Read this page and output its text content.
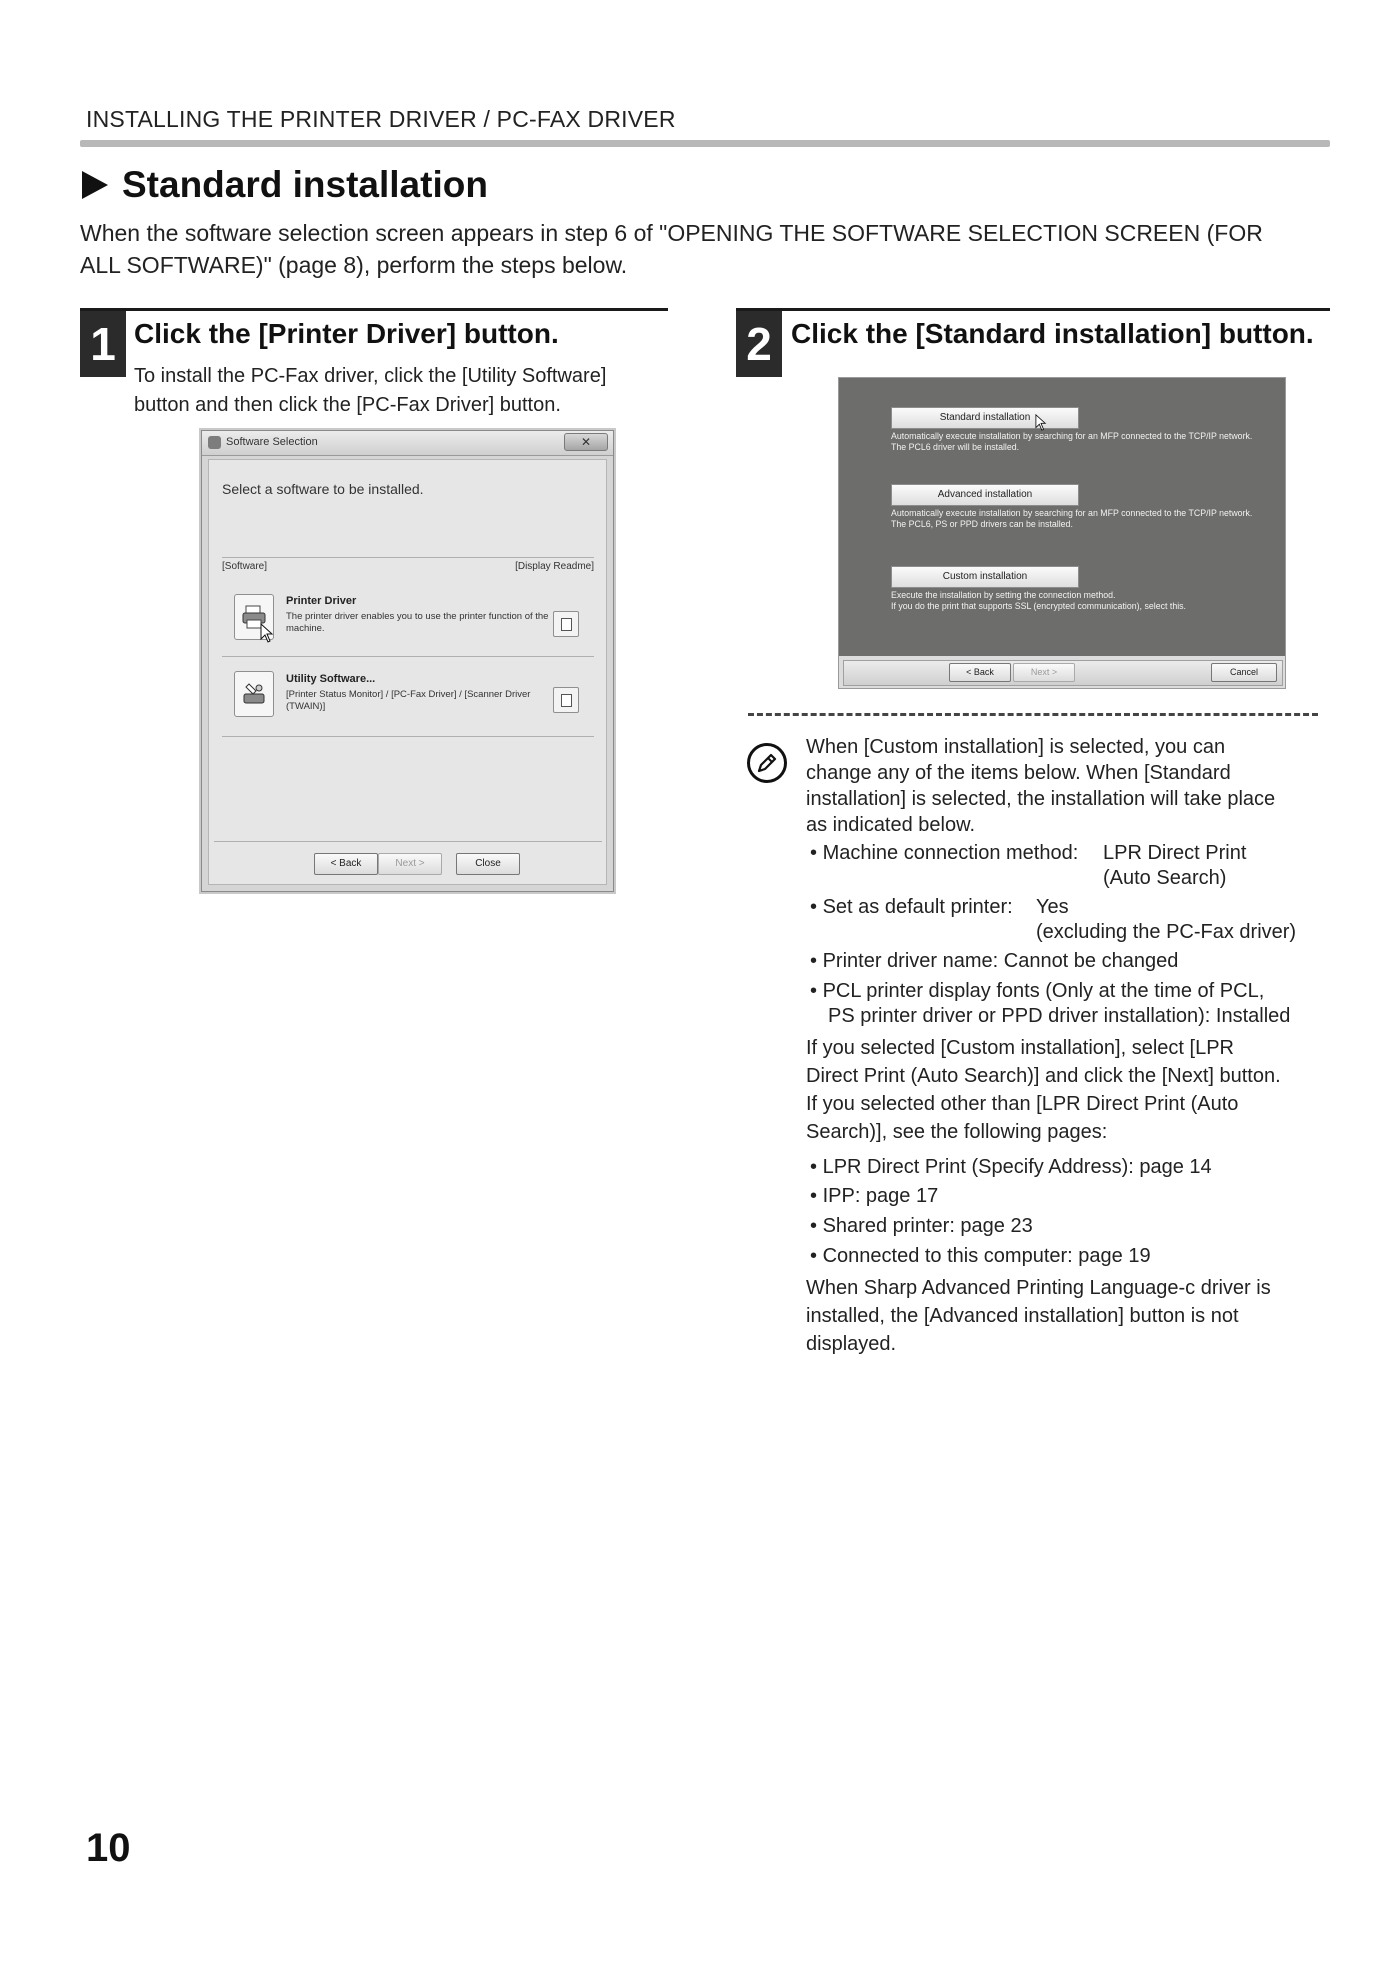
INSTALLING THE PRINTER DRIVER / PC-FAX DRIVER
Standard installation
When the software selection screen appears in step 6 of "OPENING THE SOFTWARE SELECTION SCREEN (FOR
ALL SOFTWARE)" (page 8), perform the steps below.
1 Click the [Printer Driver] button.
To install the PC-Fax driver, click the [Utility Software]
button and then click the [PC-Fax Driver] button.
Software Selection	✕
Select a software to be installed.
[Software]	[Display Readme]
Printer Driver
The printer driver enables you to use the printer function of the
machine.
Utility Software...
[Printer Status Monitor] / [PC-Fax Driver] / [Scanner Driver
(TWAIN)]
< Back	Next >	Close
2 Click the [Standard installation] button.
Standard installation
Automatically execute installation by searching for an MFP connected to the TCP/IP network.
The PCL6 driver will be installed.
Advanced installation
Automatically execute installation by searching for an MFP connected to the TCP/IP network.
The PCL6, PS or PPD drivers can be installed.
Custom installation
Execute the installation by setting the connection method.
If you do the print that supports SSL (encrypted communication), select this.
< Back	Next >	Cancel
When [Custom installation] is selected, you can
change any of the items below. When [Standard
installation] is selected, the installation will take place
as indicated below.
• Machine connection method: LPR Direct Print
(Auto Search)
• Set as default printer: Yes
(excluding the PC-Fax driver)
• Printer driver name: Cannot be changed
• PCL printer display fonts (Only at the time of PCL,
PS printer driver or PPD driver installation): Installed
If you selected [Custom installation], select [LPR
Direct Print (Auto Search)] and click the [Next] button.
If you selected other than [LPR Direct Print (Auto
Search)], see the following pages:
• LPR Direct Print (Specify Address): page 14
• IPP: page 17
• Shared printer: page 23
• Connected to this computer: page 19
When Sharp Advanced Printing Language-c driver is
installed, the [Advanced installation] button is not
displayed.
10
